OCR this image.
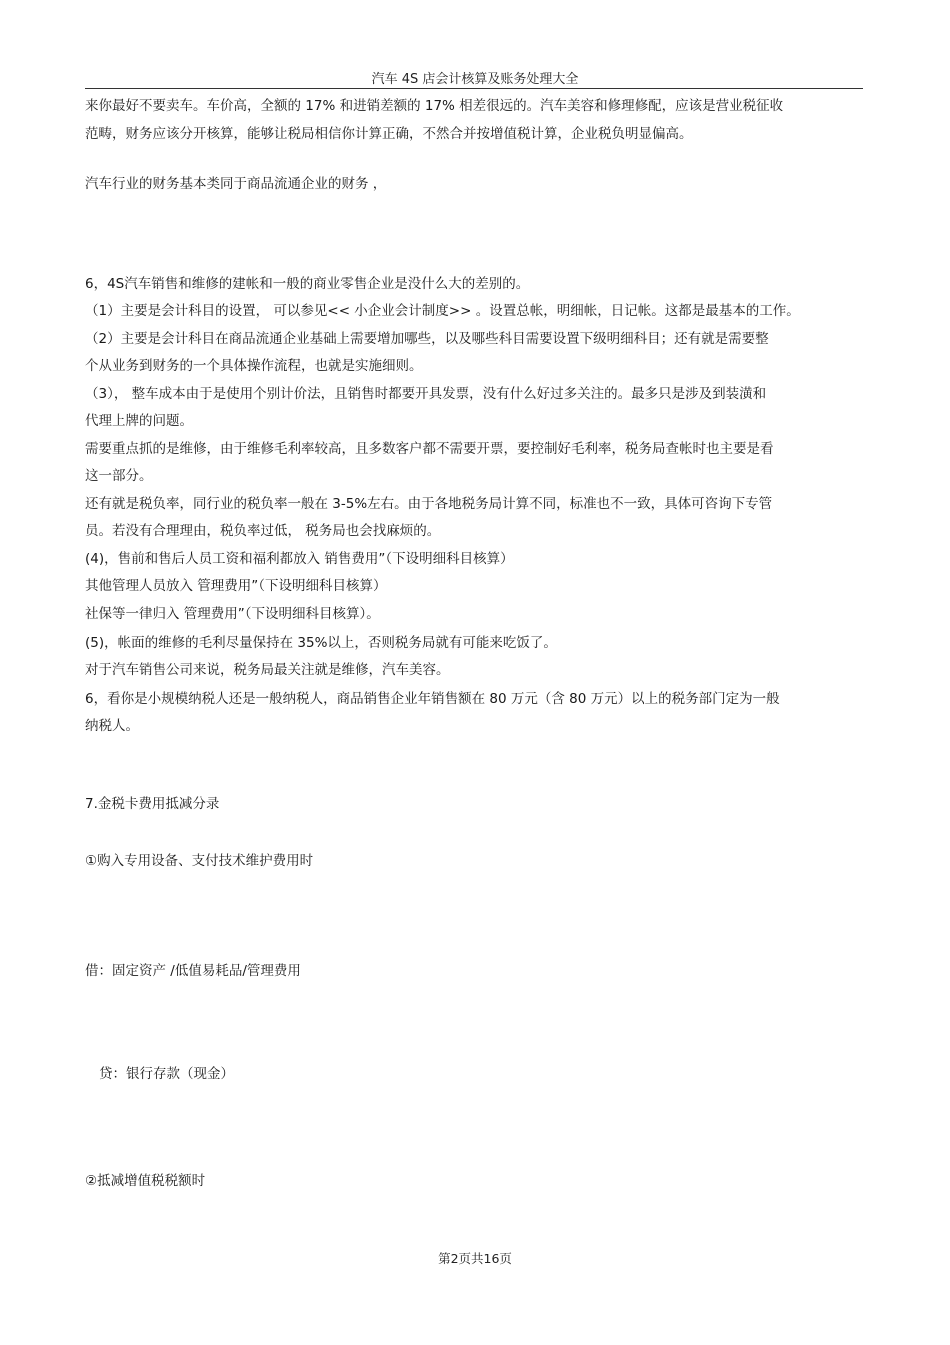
汽车 4S 店会计核算及账务处理大全
来你最好不要卖车。车价高，全额的 17% 和进销差额的 17% 相差很远的。汽车美容和修理修配，应该是营业税征收
范畴，财务应该分开核算，能够让税局相信你计算正确，不然合并按增值税计算，企业税负明显偏高。
汽车行业的财务基本类同于商品流通企业的财务 ，
6，4S汽车销售和维修的建帐和一般的商业零售企业是没什么大的差别的。
（1）主要是会计科目的设置， 可以参见<< 小企业会计制度>> 。设置总帐，明细帐，日记帐。这都是最基本的工作。
（2）主要是会计科目在商品流通企业基础上需要增加哪些，以及哪些科目需要设置下级明细科目；还有就是需要整
个从业务到财务的一个具体操作流程，也就是实施细则。
（3）， 整车成本由于是使用个别计价法，且销售时都要开具发票，没有什么好过多关注的。最多只是涉及到装潢和
代理上牌的问题。
需要重点抓的是维修，由于维修毛利率较高，且多数客户都不需要开票，要控制好毛利率，税务局查帐时也主要是看
这一部分。
还有就是税负率，同行业的税负率一般在 3-5%左右。由于各地税务局计算不同，标准也不一致，具体可咨询下专管
员。若没有合理理由，税负率过低， 税务局也会找麻烦的。
(4)，售前和售后人员工资和福利都放入 销售费用”（下设明细科目核算）
其他管理人员放入 管理费用”（下设明细科目核算）
社保等一律归入 管理费用”（下设明细科目核算）。
(5)，帐面的维修的毛利尽量保持在 35%以上，否则税务局就有可能来吃饭了。
对于汽车销售公司来说，税务局最关注就是维修，汽车美容。
6，看你是小规模纳税人还是一般纳税人，商品销售企业年销售额在 80 万元（含 80 万元）以上的税务部门定为一般
纳税人。
7.金税卡费用抵减分录
①购入专用设备、支付技术维护费用时
借：固定资产 /低值易耗品/管理费用
贷：银行存款（现金）
②抵减增值税税额时
第2页共16页
